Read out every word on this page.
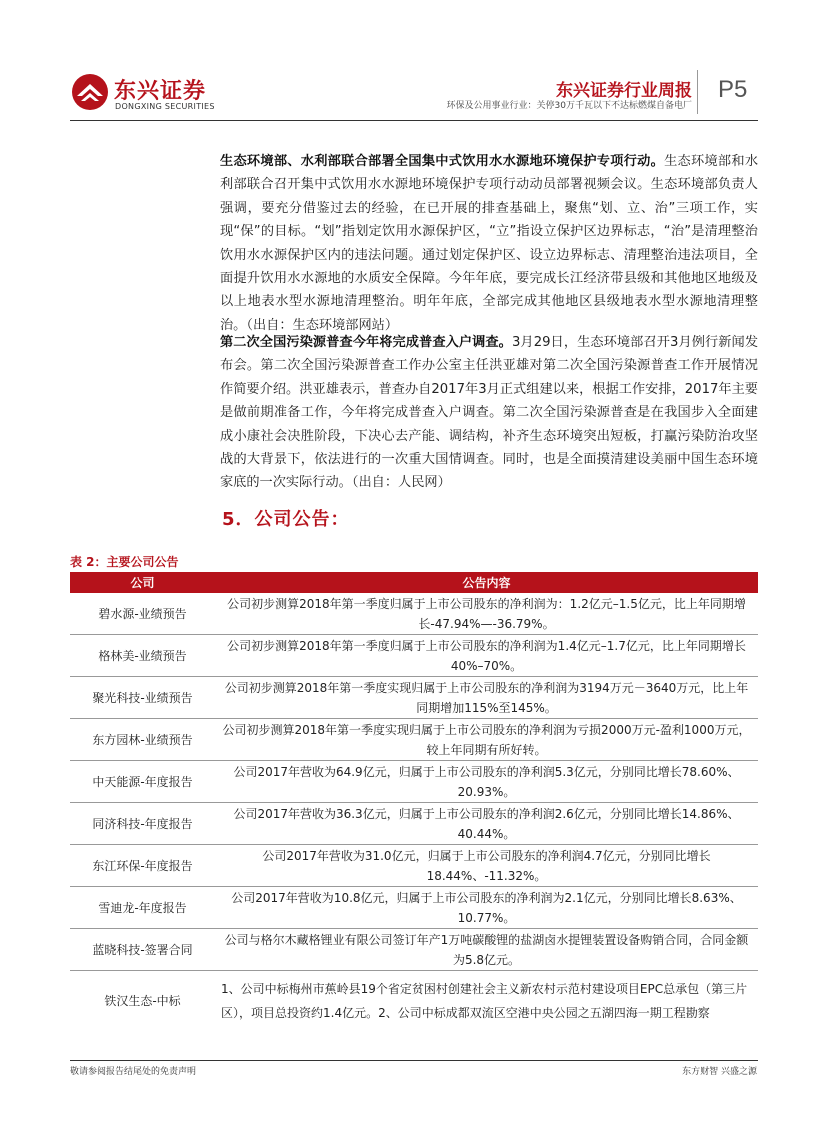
东兴证券
DONGXING SECURITIES
东兴证券行业周报
环保及公用事业行业：关停30万千瓦以下不达标燃煤自备电厂
P5
生态环境部、水利部联合部署全国集中式饮用水水源地环境保护专项行动。生态环境部和水利部联合召开集中式饮用水水源地环境保护专项行动动员部署视频会议。生态环境部负责人强调，要充分借鉴过去的经验，在已开展的排查基础上，聚焦“划、立、治”三项工作，实现“保”的目标。“划”指划定饮用水源保护区，“立”指设立保护区边界标志，“治”是清理整治饮用水水源保护区内的违法问题。通过划定保护区、设立边界标志、清理整治违法项目，全面提升饮用水水源地的水质安全保障。今年年底，要完成长江经济带县级和其他地区地级及以上地表水型水源地清理整治。明年年底，全部完成其他地区县级地表水型水源地清理整治。（出自：生态环境部网站）
第二次全国污染源普查今年将完成普查入户调查。3月29日，生态环境部召开3月例行新闻发布会。第二次全国污染源普查工作办公室主任洪亚雄对第二次全国污染源普查工作开展情况作简要介绍。洪亚雄表示，普查办自2017年3月正式组建以来，根据工作安排，2017年主要是做前期准备工作，今年将完成普查入户调查。第二次全国污染源普查是在我国步入全面建成小康社会决胜阶段，下决心去产能、调结构，补齐生态环境突出短板，打赢污染防治攻坚战的大背景下，依法进行的一次重大国情调查。同时，也是全面摸清建设美丽中国生态环境家底的一次实际行动。（出自：人民网）
5．公司公告：
表 2：主要公司公告
公司	公告内容
碧水源-业绩预告	公司初步测算2018年第一季度归属于上市公司股东的净利润为：1.2亿元–1.5亿元，比上年同期增长-47.94%—-36.79%。
格林美-业绩预告	公司初步测算2018年第一季度归属于上市公司股东的净利润为1.4亿元–1.7亿元，比上年同期增长40%–70%。
聚光科技-业绩预告	公司初步测算2018年第一季度实现归属于上市公司股东的净利润为3194万元－3640万元，比上年同期增加115%至145%。
东方园林-业绩预告	公司初步测算2018年第一季度实现归属于上市公司股东的净利润为亏损2000万元-盈利1000万元，较上年同期有所好转。
中天能源-年度报告	公司2017年营收为64.9亿元，归属于上市公司股东的净利润5.3亿元，分别同比增长78.60%、20.93%。
同济科技-年度报告	公司2017年营收为36.3亿元，归属于上市公司股东的净利润2.6亿元，分别同比增长14.86%、40.44%。
东江环保-年度报告	公司2017年营收为31.0亿元，归属于上市公司股东的净利润4.7亿元，分别同比增长18.44%、-11.32%。
雪迪龙-年度报告	公司2017年营收为10.8亿元，归属于上市公司股东的净利润为2.1亿元，分别同比增长8.63%、10.77%。
蓝晓科技-签署合同	公司与格尔木藏格锂业有限公司签订年产1万吨碳酸锂的盐湖卤水提锂装置设备购销合同，合同金额为5.8亿元。
铁汉生态-中标	1、公司中标梅州市蕉岭县19个省定贫困村创建社会主义新农村示范村建设项目EPC总承包（第三片区），项目总投资约1.4亿元。2、公司中标成都双流区空港中央公园之五湖四海一期工程勘察
敬请参阅报告结尾处的免责声明	东方财智 兴盛之源
